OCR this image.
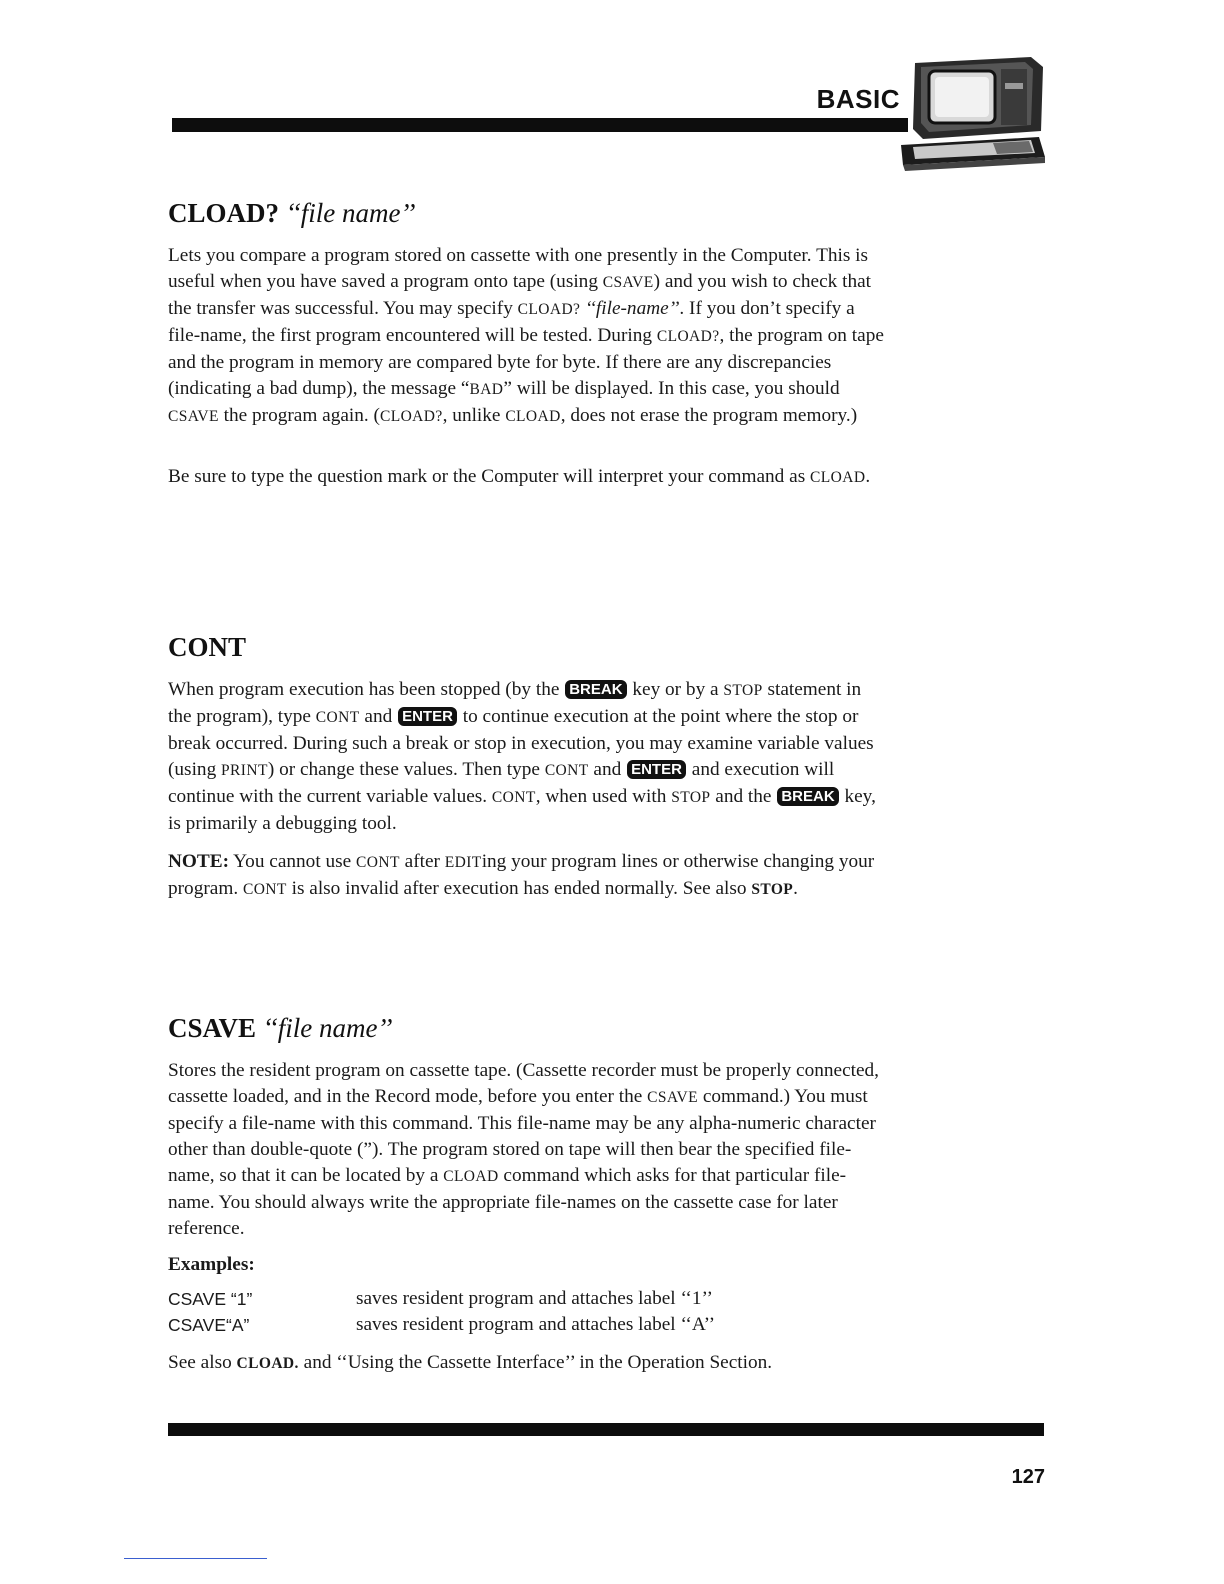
BASIC
CLOAD? ‘‘file name’’

Lets you compare a program stored on cassette with one presently in the Computer. This is useful when you have saved a program onto tape (using CSAVE) and you wish to check that the transfer was successful. You may specify CLOAD? ‘‘file-name’’. If you don’t specify a file-name, the first program encountered will be tested. During CLOAD?, the program on tape and the program in memory are compared byte for byte. If there are any discrepancies (indicating a bad dump), the message “BAD” will be displayed. In this case, you should CSAVE the program again. (CLOAD?, unlike CLOAD, does not erase the program memory.)

Be sure to type the question mark or the Computer will interpret your command as CLOAD.

CONT

When program execution has been stopped (by the BREAK key or by a STOP statement in the program), type CONT and ENTER to continue execution at the point where the stop or break occurred. During such a break or stop in execution, you may examine variable values (using PRINT) or change these values. Then type CONT and ENTER and execution will continue with the current variable values. CONT, when used with STOP and the BREAK key, is primarily a debugging tool.

NOTE: You cannot use CONT after EDITing your program lines or otherwise changing your program. CONT is also invalid after execution has ended normally. See also STOP.

CSAVE ‘‘file name’’

Stores the resident program on cassette tape. (Cassette recorder must be properly connected, cassette loaded, and in the Record mode, before you enter the CSAVE command.) You must specify a file-name with this command. This file-name may be any alpha-numeric character other than double-quote (”). The program stored on tape will then bear the specified file-name, so that it can be located by a CLOAD command which asks for that particular file-name. You should always write the appropriate file-names on the cassette case for later reference.

Examples:
CSAVE “1”	saves resident program and attaches label ‘‘1’’
CSAVE“A”	saves resident program and attaches label ‘‘A’’

See also CLOAD. and ‘‘Using the Cassette Interface’’ in the Operation Section.

127
